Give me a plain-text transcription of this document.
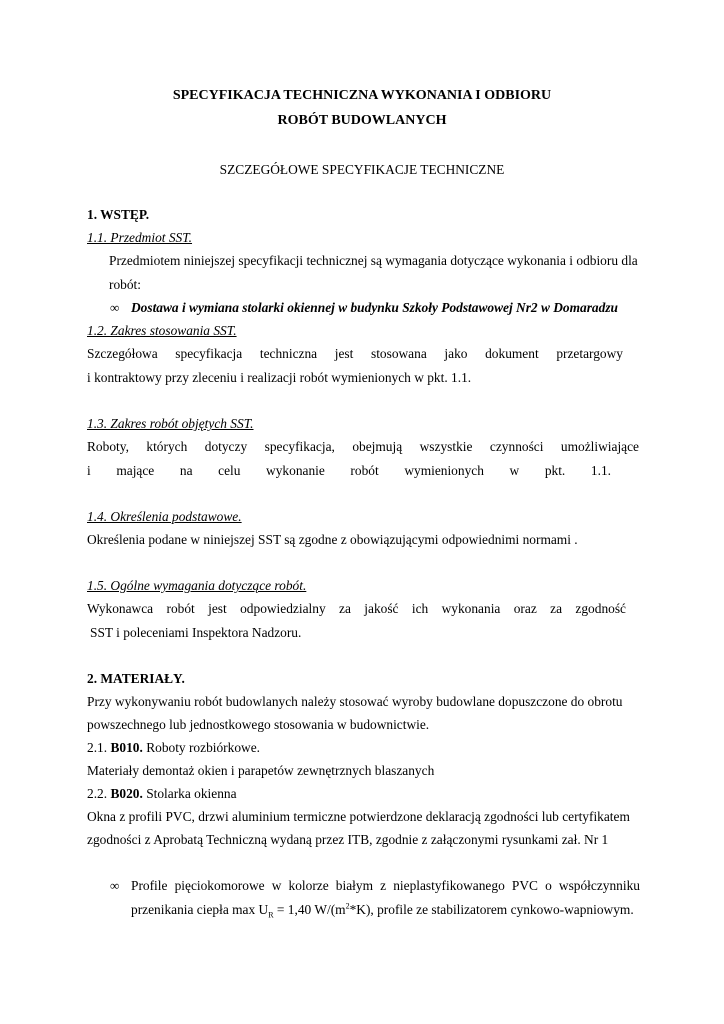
SPECYFIKACJA TECHNICZNA WYKONANIA I ODBIORU
ROBÓT BUDOWLANYCH
SZCZEGÓŁOWE SPECYFIKACJE TECHNICZNE
1. WSTĘP.
1.1. Przedmiot SST.
Przedmiotem niniejszej specyfikacji technicznej są wymagania dotyczące wykonania i odbioru dla
robót:
∞ Dostawa i wymiana stolarki okiennej w budynku Szkoły Podstawowej Nr2 w Domaradzu
1.2. Zakres stosowania SST.
Szczegółowa specyfikacja techniczna jest stosowana jako dokument przetargowy
i kontraktowy przy zleceniu i realizacji robót wymienionych w pkt. 1.1.
1.3. Zakres robót objętych SST.
Roboty, których dotyczy specyfikacja, obejmują wszystkie czynności umożliwiające
i mające na celu wykonanie robót wymienionych w pkt. 1.1.
1.4. Określenia podstawowe.
Określenia podane w niniejszej SST są zgodne z obowiązującymi odpowiednimi normami .
1.5. Ogólne wymagania dotyczące robót.
Wykonawca robót jest odpowiedzialny za jakość ich wykonania oraz za zgodność
SST i poleceniami Inspektora Nadzoru.
2. MATERIAŁY.
Przy wykonywaniu robót budowlanych należy stosować wyroby budowlane dopuszczone do obrotu
powszechnego lub jednostkowego stosowania w budownictwie.
2.1. B010. Roboty rozbiórkowe.
Materiały demontaż okien i parapetów zewnętrznych blaszanych
2.2. B020. Stolarka okienna
Okna z profili PVC, drzwi aluminium termiczne potwierdzone deklaracją zgodności lub certyfikatem
zgodności z Aprobatą Techniczną wydaną przez ITB, zgodnie z załączonymi rysunkami zał. Nr 1
∞ Profile pięciokomorowe w kolorze białym z nieplastyfikowanego PVC o współczynniku
przenikania ciepła $\max U_R = 1,40$ $W/(m^2*K)$, profile ze stabilizatorem cynkowo-wapniowym.
